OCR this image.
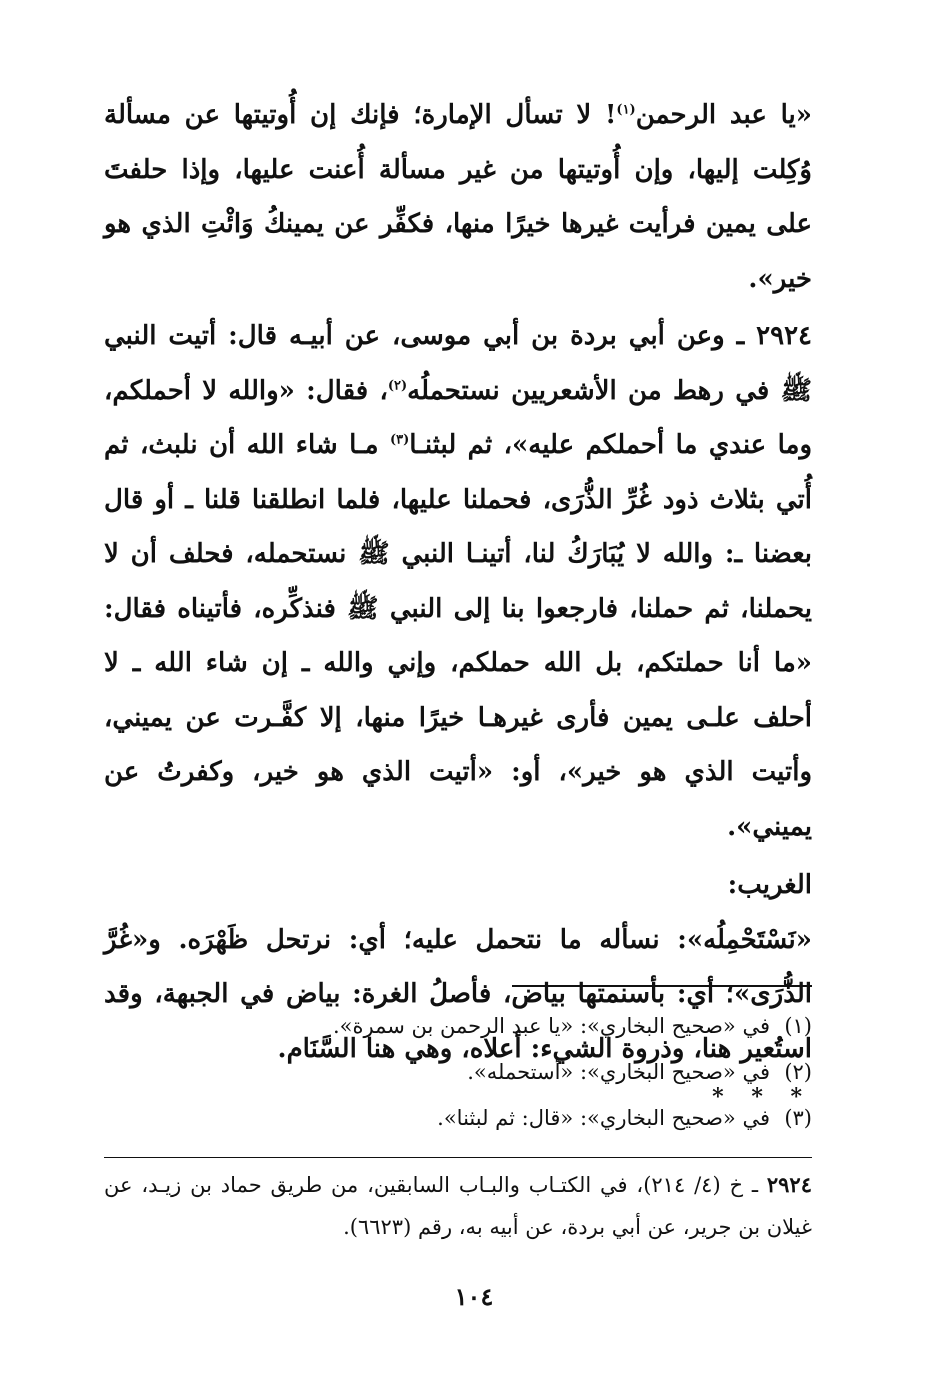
«يا عبد الرحمن$^{(١)}$! لا تسأل الإمارة؛ فإنك إن أُوتيتها عن مسألة وُكِلت إليها، وإن أُوتيتها من غير مسألة أُعنت عليها، وإذا حلفتَ على يمين فرأيت غيرها خيرًا منها، فكفِّر عن يمينكُ وَائْتِ الذي هو خير».

٢٩٢٤ ـ وعن أبي بردة بن أبي موسى، عن أبيـه قال: أتيت النبي ﷺ في رهط من الأشعريين نستحملُه$^{(٢)}$، فقال: «والله لا أحملكم، وما عندي ما أحملكم عليه»، ثم لبثنـا$^{(٣)}$ مـا شاء الله أن نلبث، ثم أُتي بثلاث ذود غُرِّ الذُّرَى، فحملنا عليها، فلما انطلقنا قلنا ـ أو قال بعضنا ـ: والله لا يُبَارَكُ لنا، أتينـا النبي ﷺ نستحمله، فحلف أن لا يحملنا، ثم حملنا، فارجعوا بنا إلى النبي ﷺ فنذكِّره، فأتيناه فقال: «ما أنا حملتكم، بل الله حملكم، وإني والله ـ إن شاء الله ـ لا أحلف علـى يمين فأرى غيرهـا خيرًا منها، إلا كفَّـرت عن يميني، وأتيت الذي هو خير»، أو: «أتيت الذي هو خير، وكفرتُ عن يميني».

الغريب:

«نَسْتَحْمِلُه»: نسأله ما نتحمل عليه؛ أي: نرتحل ظَهْرَه. و«غُرَّ الذُّرَى»؛ أي: بأسنمتها بياض، فأصلُ الغرة: بياض في الجبهة، وقد استُعير هنا، وذروة الشيء: أعلاه، وهي هنا السَّنَام.

* * *

(١)في «صحيح البخاري»: «يا عبد الرحمن بن سمرة».

(٢)في «صحيح البخاري»: «أستحمله».

(٣)في «صحيح البخاري»: «قال: ثم لبثنا».

٢٩٢٤ ـ خ (٤/ ٢١٤)، في الكتـاب والبـاب السابقين، من طريق حماد بن زيـد، عن غيلان بن جرير، عن أبي بردة، عن أبيه به، رقم (٦٦٢٣).

١٠٤
